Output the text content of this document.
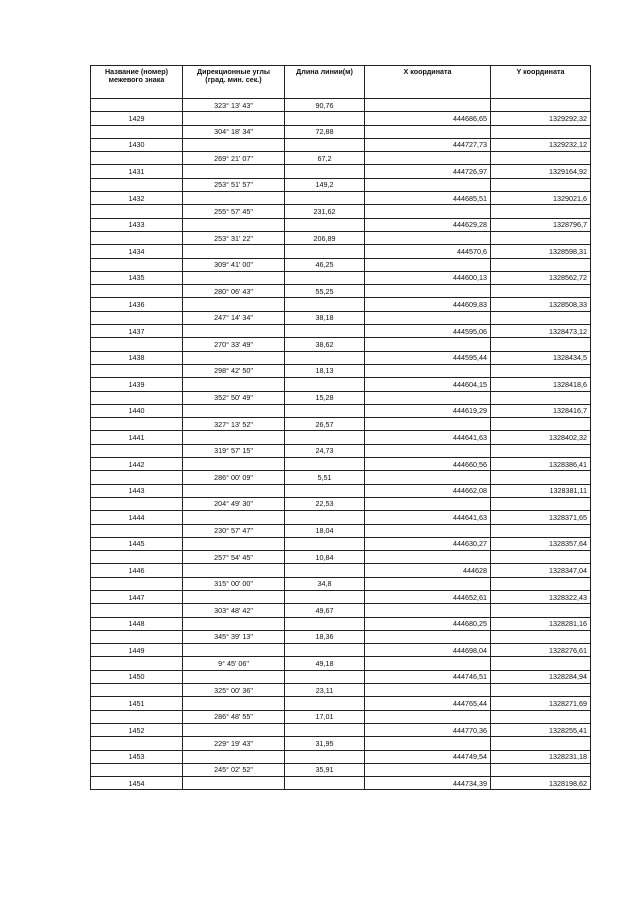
Название (номер) межевого знака	Дирекционные углы (град. мин. сек.)	Длина линии(м)	X координата	Y координата
	323° 13' 43"	90,76		
1429			444686,65	1329292,32
	304° 18' 34"	72,88		
1430			444727,73	1329232,12
	269° 21' 07"	67,2		
1431			444726,97	1329164,92
	253° 51' 57"	149,2		
1432			444685,51	1329021,6
	255° 57' 45"	231,62		
1433			444629,28	1328796,7
	253° 31' 22"	206,89		
1434			444570,6	1328598,31
	309° 41' 00"	46,25		
1435			444600,13	1328562,72
	280° 06' 43"	55,25		
1436			444609,83	1328508,33
	247° 14' 34"	38,18		
1437			444595,06	1328473,12
	270° 33' 49"	38,62		
1438			444595,44	1328434,5
	298° 42' 50"	18,13		
1439			444604,15	1328418,6
	352° 50' 49"	15,28		
1440			444619,29	1328416,7
	327° 13' 52"	26,57		
1441			444641,63	1328402,32
	319° 57' 15"	24,73		
1442			444660,56	1328386,41
	286° 00' 09"	5,51		
1443			444662,08	1328381,11
	204° 49' 30"	22,53		
1444			444641,63	1328371,65
	230° 57' 47"	18,04		
1445			444630,27	1328357,64
	257° 54' 45"	10,84		
1446			444628	1328347,04
	315° 00' 00"	34,8		
1447			444652,61	1328322,43
	303° 48' 42"	49,67		
1448			444680,25	1328281,16
	345° 39' 13"	18,36		
1449			444698,04	1328276,61
	9° 45' 06"	49,18		
1450			444746,51	1328284,94
	325° 00' 36"	23,11		
1451			444765,44	1328271,69
	286° 48' 55"	17,01		
1452			444770,36	1328255,41
	229° 19' 43"	31,95		
1453			444749,54	1328231,18
	245° 02' 52"	35,91		
1454			444734,39	1328198,62
